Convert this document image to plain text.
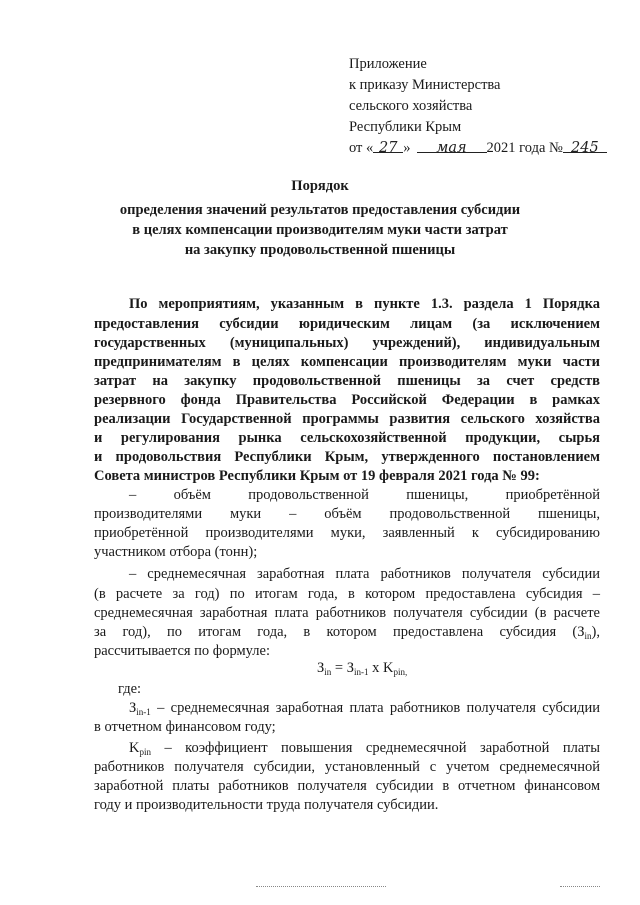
Приложение
к приказу Министерства
сельского хозяйства
Республики Крым
от « 27 » мая 2021 года № 245
Порядок
определения значений результатов предоставления субсидии
в целях компенсации производителям муки части затрат
на закупку продовольственной пшеницы
По мероприятиям, указанным в пункте 1.3. раздела 1 Порядка
предоставления субсидии юридическим лицам (за исключением
государственных (муниципальных) учреждений), индивидуальным
предпринимателям в целях компенсации производителям муки части
затрат на закупку продовольственной пшеницы за счет средств
резервного фонда Правительства Российской Федерации в рамках
реализации Государственной программы развития сельского хозяйства
и регулирования рынка сельскохозяйственной продукции, сырья
и продовольствия Республики Крым, утвержденного постановлением
Совета министров Республики Крым от 19 февраля 2021 года № 99:
– объём продовольственной пшеницы, приобретённой
производителями муки – объём продовольственной пшеницы,
приобретённой производителями муки, заявленный к субсидированию
участником отбора (тонн);
– среднемесячная заработная плата работников получателя субсидии
(в расчете за год) по итогам года, в котором предоставлена субсидия –
среднемесячная заработная плата работников получателя субсидии (в расчете
за год), по итогам года, в котором предоставлена субсидия $(З_{in})$,
рассчитывается по формуле:
$З_{in} = З_{in-1}$ x $K_{pin,}$
где:
$З_{in-1}$ – среднемесячная заработная плата работников получателя субсидии
в отчетном финансовом году;
$K_{pin}$ – коэффициент повышения среднемесячной заработной платы
работников получателя субсидии, установленный с учетом среднемесячной
заработной платы работников получателя субсидии в отчетном финансовом
году и производительности труда получателя субсидии.
